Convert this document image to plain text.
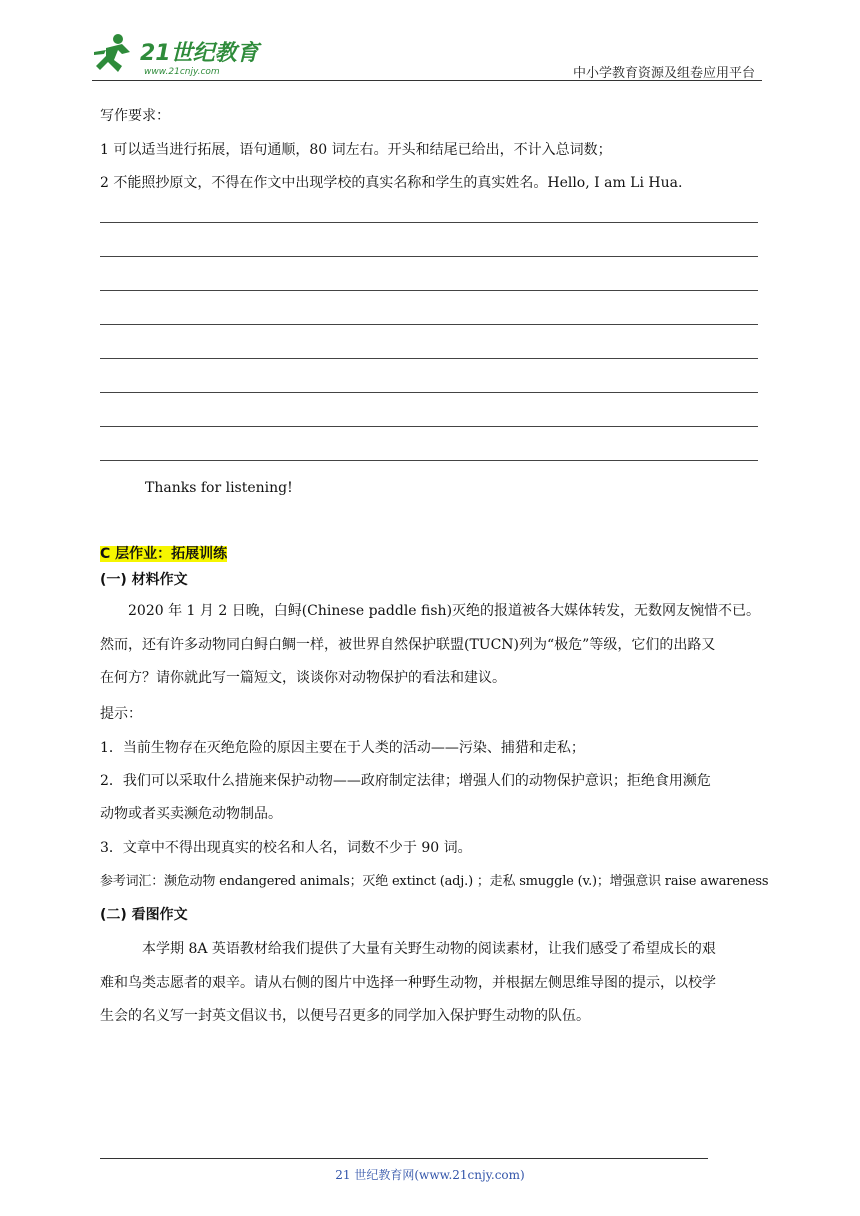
21世纪教育
www.21cnjy.com	中小学教育资源及组卷应用平台
写作要求：
1 可以适当进行拓展，语句通顺，80 词左右。开头和结尾已给出，不计入总词数；
2 不能照抄原文，不得在作文中出现学校的真实名称和学生的真实姓名。Hello, I am Li Hua.
Thanks for listening!
C 层作业：拓展训练
(一) 材料作文
2020 年 1 月 2 日晚，白鲟(Chinese paddle fish)灭绝的报道被各大媒体转发，无数网友惋惜不已。
然而，还有许多动物同白鲟白鲷一样，被世界自然保护联盟(TUCN)列为“极危”等级，它们的出路又
在何方？请你就此写一篇短文，谈谈你对动物保护的看法和建议。
提示：
1．当前生物存在灭绝危险的原因主要在于人类的活动——污染、捕猎和走私；
2．我们可以采取什么措施来保护动物——政府制定法律；增强人们的动物保护意识；拒绝食用濒危
动物或者买卖濒危动物制品。
3．文章中不得出现真实的校名和人名，词数不少于 90 词。
参考词汇：濒危动物 endangered animals；灭绝 extinct (adj.) ；走私 smuggle (v.)；增强意识 raise awareness
(二) 看图作文
本学期 8A 英语教材给我们提供了大量有关野生动物的阅读素材，让我们感受了希望成长的艰
难和鸟类志愿者的艰辛。请从右侧的图片中选择一种野生动物，并根据左侧思维导图的提示，以校学
生会的名义写一封英文倡议书，以便号召更多的同学加入保护野生动物的队伍。
21 世纪教育网(www.21cnjy.com)
